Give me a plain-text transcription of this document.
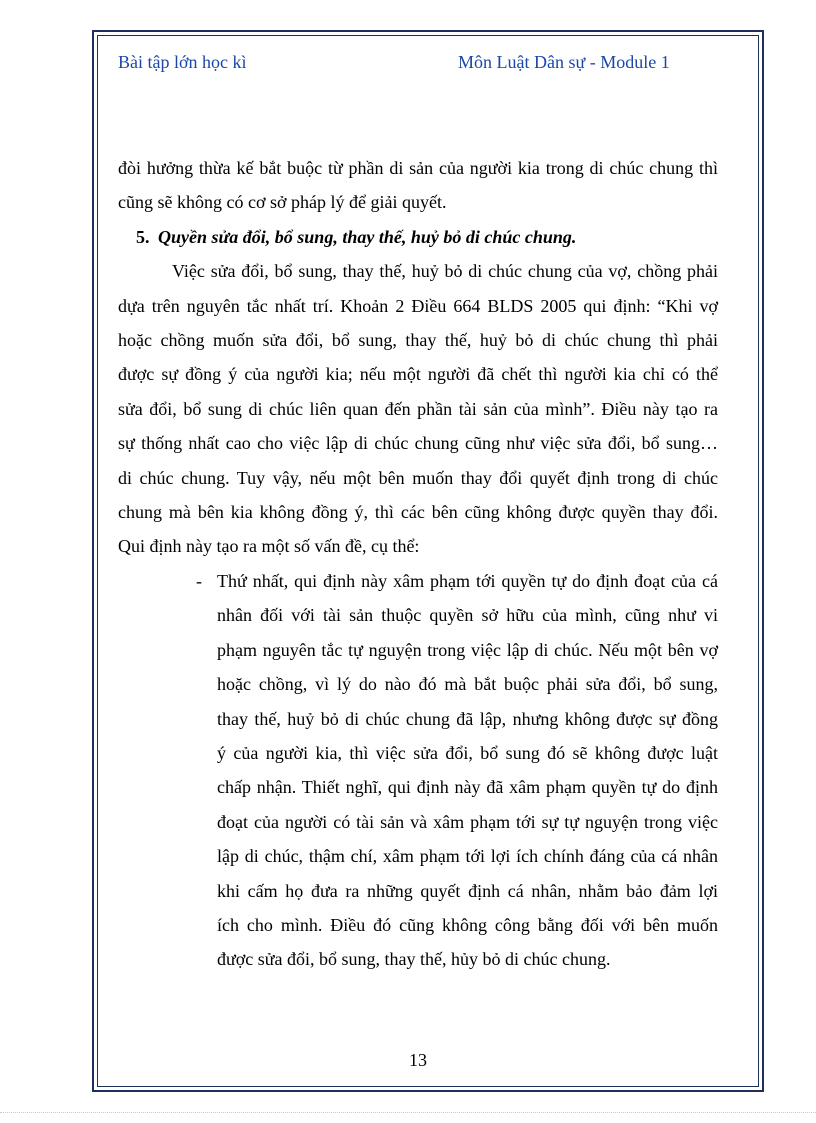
Bài tập lớn học kì	Môn Luật Dân sự - Module 1
đòi hưởng thừa kế bắt buộc từ phần di sản của người kia trong di chúc chung thì
cũng sẽ không có cơ sở pháp lý để giải quyết.
5. Quyền sửa đổi, bổ sung, thay thế, huỷ bỏ di chúc chung.
Việc sửa đổi, bổ sung, thay thế, huỷ bỏ di chúc chung của vợ, chồng phải
dựa trên nguyên tắc nhất trí. Khoản 2 Điều 664 BLDS 2005 qui định: “Khi vợ
hoặc chồng muốn sửa đổi, bổ sung, thay thế, huỷ bỏ di chúc chung thì phải
được sự đồng ý của người kia; nếu một người đã chết thì người kia chỉ có thể
sửa đổi, bổ sung di chúc liên quan đến phần tài sản của mình”. Điều này tạo ra
sự thống nhất cao cho việc lập di chúc chung cũng như việc sửa đổi, bổ sung…
di chúc chung. Tuy vậy, nếu một bên muốn thay đổi quyết định trong di chúc
chung mà bên kia không đồng ý, thì các bên cũng không được quyền thay đổi.
Qui định này tạo ra một số vấn đề, cụ thể:
- Thứ nhất, qui định này xâm phạm tới quyền tự do định đoạt của cá
nhân đối với tài sản thuộc quyền sở hữu của mình, cũng như vi
phạm nguyên tắc tự nguyện trong việc lập di chúc. Nếu một bên vợ
hoặc chồng, vì lý do nào đó mà bắt buộc phải sửa đổi, bổ sung,
thay thế, huỷ bỏ di chúc chung đã lập, nhưng không được sự đồng
ý của người kia, thì việc sửa đổi, bổ sung đó sẽ không được luật
chấp nhận. Thiết nghĩ, qui định này đã xâm phạm quyền tự do định
đoạt của người có tài sản và xâm phạm tới sự tự nguyện trong việc
lập di chúc, thậm chí, xâm phạm tới lợi ích chính đáng của cá nhân
khi cấm họ đưa ra những quyết định cá nhân, nhằm bảo đảm lợi
ích cho mình. Điều đó cũng không công bằng đối với bên muốn
được sửa đổi, bổ sung, thay thế, hủy bỏ di chúc chung.
13
